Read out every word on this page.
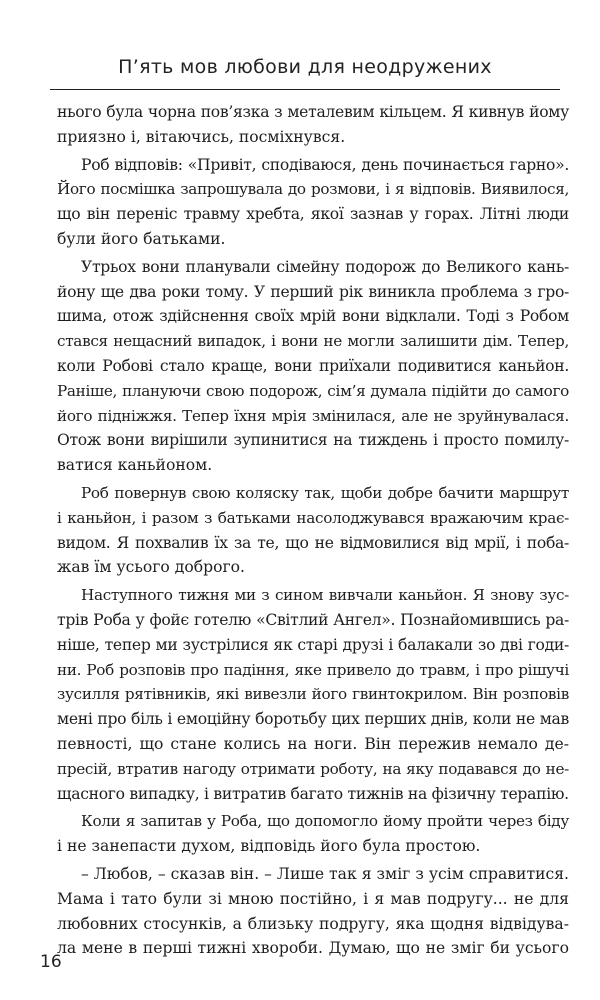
П’ять мов любови для неодружених
нього була чорна пов’язка з металевим кільцем. Я кивнув йому
приязно і, вітаючись, посміхнувся.
Роб відповів: «Привіт, сподіваюся, день починається гарно».
Його посмішка запрошувала до розмови, і я відповів. Виявилося,
що він переніс травму хребта, якої зазнав у горах. Літні люди
були його батьками.
Утрьох вони планували сімейну подорож до Великого кань-
йону ще два роки тому. У перший рік виникла проблема з гро-
шима, отож здійснення своїх мрій вони відклали. Тоді з Робом
стався нещасний випадок, і вони не могли залишити дім. Тепер,
коли Робові стало краще, вони приїхали подивитися каньйон.
Раніше, плануючи свою подорож, сім’я думала підійти до самого
його підніжжя. Тепер їхня мрія змінилася, але не зруйнувалася.
Отож вони вирішили зупинитися на тиждень і просто помилу-
ватися каньйоном.
Роб повернув свою коляску так, щоби добре бачити маршрут
і каньйон, і разом з батьками насолоджувався вражаючим крає-
видом. Я похвалив їх за те, що не відмовилися від мрії, і поба-
жав їм усього доброго.
Наступного тижня ми з сином вивчали каньйон. Я знову зус-
трів Роба у фойє готелю «Світлий Ангел». Познайомившись ра-
ніше, тепер ми зустрілися як старі друзі і балакали зо дві годи-
ни. Роб розповів про падіння, яке привело до травм, і про рішучі
зусилля рятівників, які вивезли його гвинтокрилом. Він розповів
мені про біль і емоційну боротьбу цих перших днів, коли не мав
певності, що стане колись на ноги. Він пережив немало де-
пресій, втратив нагоду отримати роботу, на яку подавався до не-
щасного випадку, і витратив багато тижнів на фізичну терапію.
Коли я запитав у Роба, що допомогло йому пройти через біду
і не занепасти духом, відповідь його була простою.
– Любов, – сказав він. – Лише так я зміг з усім справитися.
Мама і тато були зі мною постійно, і я мав подругу... не для
любовних стосунків, а близьку подругу, яка щодня відвідува-
ла мене в перші тижні хвороби. Думаю, що не зміг би усього
16
